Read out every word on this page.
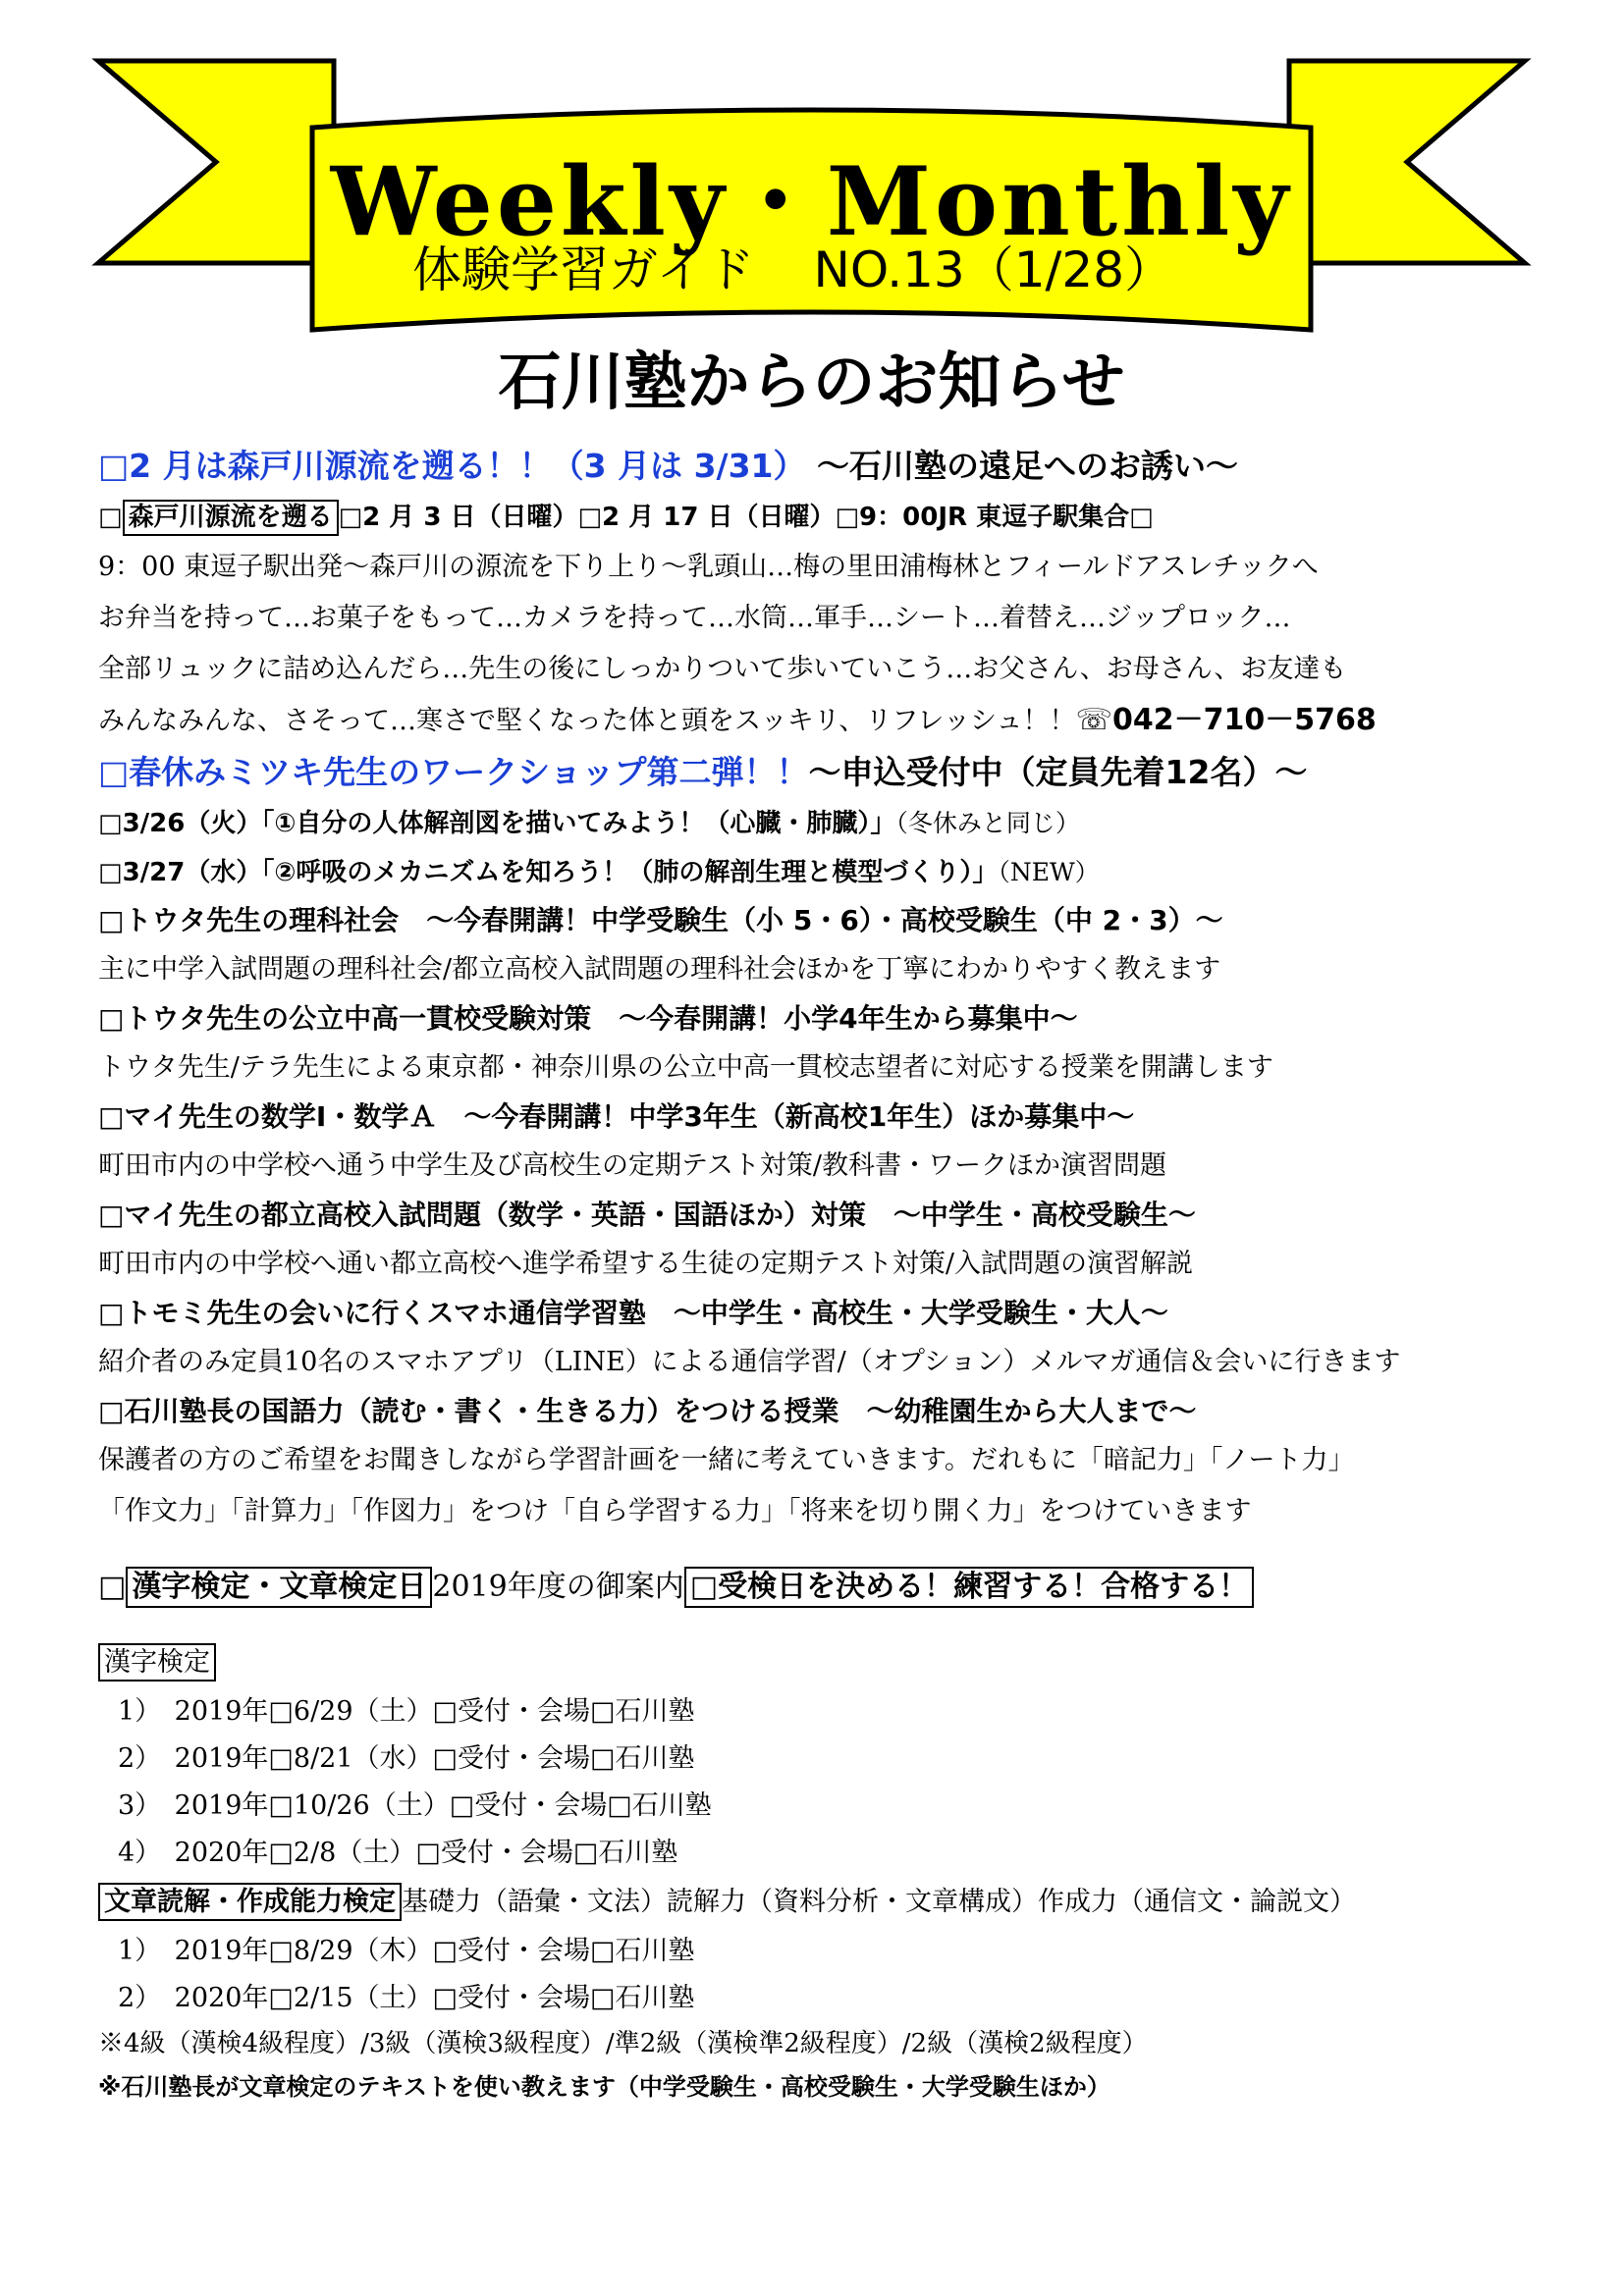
Weekly・Monthly
体験学習ガイド NO.13（1/28）
石川塾からのお知らせ
□2 月は森戸川源流を遡る！！（3 月は 3/31） ～石川塾の遠足へのお誘い～
□ 森戸川源流を遡る □2 月 3 日（日曜）□2 月 17 日（日曜）□9：00JR 東逗子駅集合□
9：00 東逗子駅出発～森戸川の源流を下り上り～乳頭山…梅の里田浦梅林とフィールドアスレチックへ
お弁当を持って…お菓子をもって…カメラを持って…水筒…軍手…シート…着替え…ジップロック…
全部リュックに詰め込んだら…先生の後にしっかりついて歩いていこう…お父さん、お母さん、お友達も
みんなみんな、さそって…寒さで堅くなった体と頭をスッキリ、リフレッシュ！！☏042－710－5768
□春休みミツキ先生のワークショップ第二弾！！～申込受付中（定員先着12名）～
□3/26（火）「①自分の人体解剖図を描いてみよう！（心臓・肺臓）」（冬休みと同じ）
□3/27（水）「②呼吸のメカニズムを知ろう！（肺の解剖生理と模型づくり）」（NEW）
□トウタ先生の理科社会　～今春開講！中学受験生（小 5・6）・高校受験生（中 2・3）～
主に中学入試問題の理科社会/都立高校入試問題の理科社会ほかを丁寧にわかりやすく教えます
□トウタ先生の公立中高一貫校受験対策　～今春開講！小学4年生から募集中～
トウタ先生/テラ先生による東京都・神奈川県の公立中高一貫校志望者に対応する授業を開講します
□マイ先生の数学Ⅰ・数学Ａ　～今春開講！中学3年生（新高校1年生）ほか募集中～
町田市内の中学校へ通う中学生及び高校生の定期テスト対策/教科書・ワークほか演習問題
□マイ先生の都立高校入試問題（数学・英語・国語ほか）対策　～中学生・高校受験生～
町田市内の中学校へ通い都立高校へ進学希望する生徒の定期テスト対策/入試問題の演習解説
□トモミ先生の会いに行くスマホ通信学習塾　～中学生・高校生・大学受験生・大人～
紹介者のみ定員10名のスマホアプリ（LINE）による通信学習/（オプション）メルマガ通信＆会いに行きます
□石川塾長の国語力（読む・書く・生きる力）をつける授業　～幼稚園生から大人まで～
保護者の方のご希望をお聞きしながら学習計画を一緒に考えていきます。だれもに「暗記力」「ノート力」
「作文力」「計算力」「作図力」をつけ「自ら学習する力」「将来を切り開く力」をつけていきます
□ 漢字検定・文章検定日 2019年度の御案内 □受検日を決める！練習する！合格する！
漢字検定
1）　2019年□6/29（土）□受付・会場□石川塾
2）　2019年□8/21（水）□受付・会場□石川塾
3）　2019年□10/26（土）□受付・会場□石川塾
4）　2020年□2/8（土）□受付・会場□石川塾
文章読解・作成能力検定 基礎力（語彙・文法）読解力（資料分析・文章構成）作成力（通信文・論説文）
1）　2019年□8/29（木）□受付・会場□石川塾
2）　2020年□2/15（土）□受付・会場□石川塾
※4級（漢検4級程度）/3級（漢検3級程度）/準2級（漢検準2級程度）/2級（漢検2級程度）
※石川塾長が文章検定のテキストを使い教えます（中学受験生・高校受験生・大学受験生ほか）
